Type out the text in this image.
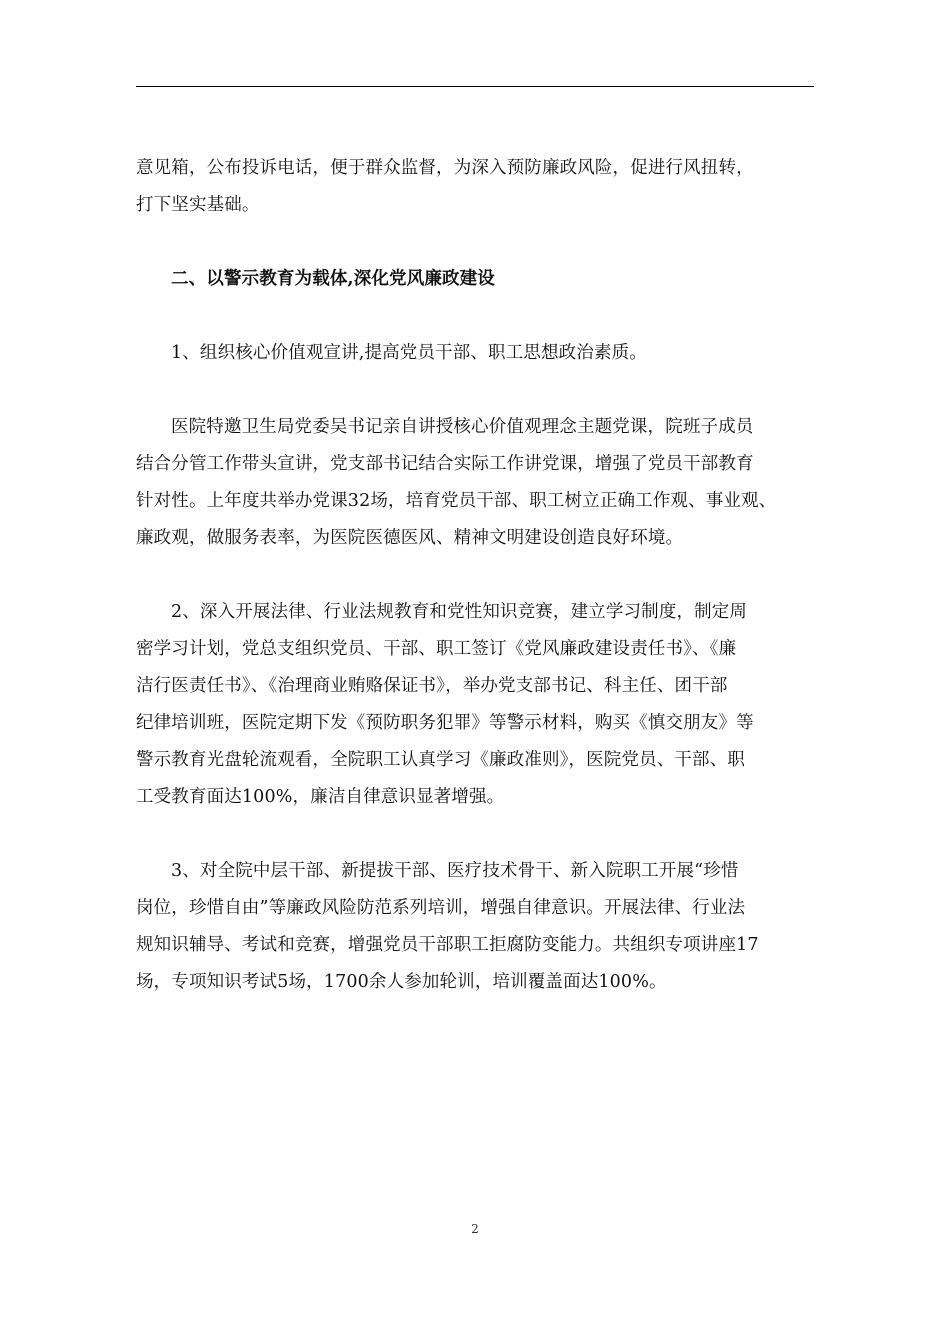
意见箱，公布投诉电话，便于群众监督，为深入预防廉政风险，促进行风扭转，
打下坚实基础。
二、以警示教育为载体,深化党风廉政建设
1、组织核心价值观宣讲,提高党员干部、职工思想政治素质。
医院特邀卫生局党委吴书记亲自讲授核心价值观理念主题党课，院班子成员
结合分管工作带头宣讲，党支部书记结合实际工作讲党课，增强了党员干部教育
针对性。上年度共举办党课32场，培育党员干部、职工树立正确工作观、事业观、
廉政观，做服务表率，为医院医德医风、精神文明建设创造良好环境。
2、深入开展法律、行业法规教育和党性知识竞赛，建立学习制度，制定周
密学习计划，党总支组织党员、干部、职工签订《党风廉政建设责任书》、《廉
洁行医责任书》、《治理商业贿赂保证书》，举办党支部书记、科主任、团干部
纪律培训班，医院定期下发《预防职务犯罪》等警示材料，购买《慎交朋友》等
警示教育光盘轮流观看，全院职工认真学习《廉政准则》，医院党员、干部、职
工受教育面达100%，廉洁自律意识显著增强。
3、对全院中层干部、新提拔干部、医疗技术骨干、新入院职工开展“珍惜
岗位，珍惜自由”等廉政风险防范系列培训，增强自律意识。开展法律、行业法
规知识辅导、考试和竞赛，增强党员干部职工拒腐防变能力。共组织专项讲座17
场，专项知识考试5场，1700余人参加轮训，培训覆盖面达100%。
2
